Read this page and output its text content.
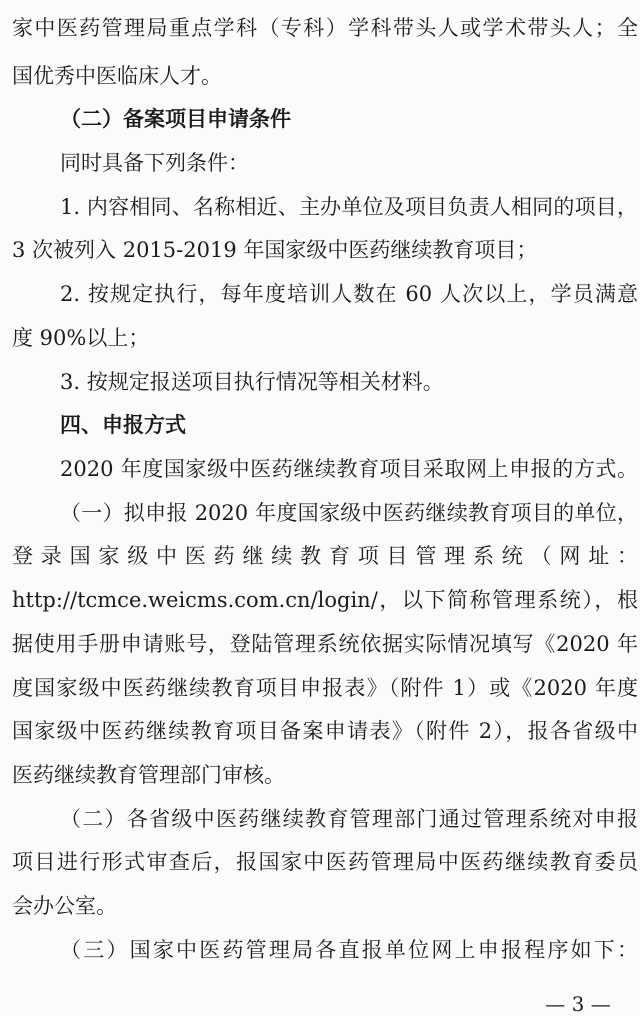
家中医药管理局重点学科（专科）学科带头人或学术带头人；全
国优秀中医临床人才。
（二）备案项目申请条件
同时具备下列条件：
1. 内容相同、名称相近、主办单位及项目负责人相同的项目，
3 次被列入 2015-2019 年国家级中医药继续教育项目；
2. 按规定执行，每年度培训人数在 60 人次以上，学员满意
度 90%以上；
3. 按规定报送项目执行情况等相关材料。
四、申报方式
2020 年度国家级中医药继续教育项目采取网上申报的方式。
（一）拟申报 2020 年度国家级中医药继续教育项目的单位，
登录国家级中医药继续教育项目管理系统（网址：
http://tcmce.weicms.com.cn/login/，以下简称管理系统），根
据使用手册申请账号，登陆管理系统依据实际情况填写《2020 年
度国家级中医药继续教育项目申报表》（附件 1）或《2020 年度
国家级中医药继续教育项目备案申请表》（附件 2），报各省级中
医药继续教育管理部门审核。
（二）各省级中医药继续教育管理部门通过管理系统对申报
项目进行形式审查后，报国家中医药管理局中医药继续教育委员
会办公室。
（三）国家中医药管理局各直报单位网上申报程序如下：
— 3 —
